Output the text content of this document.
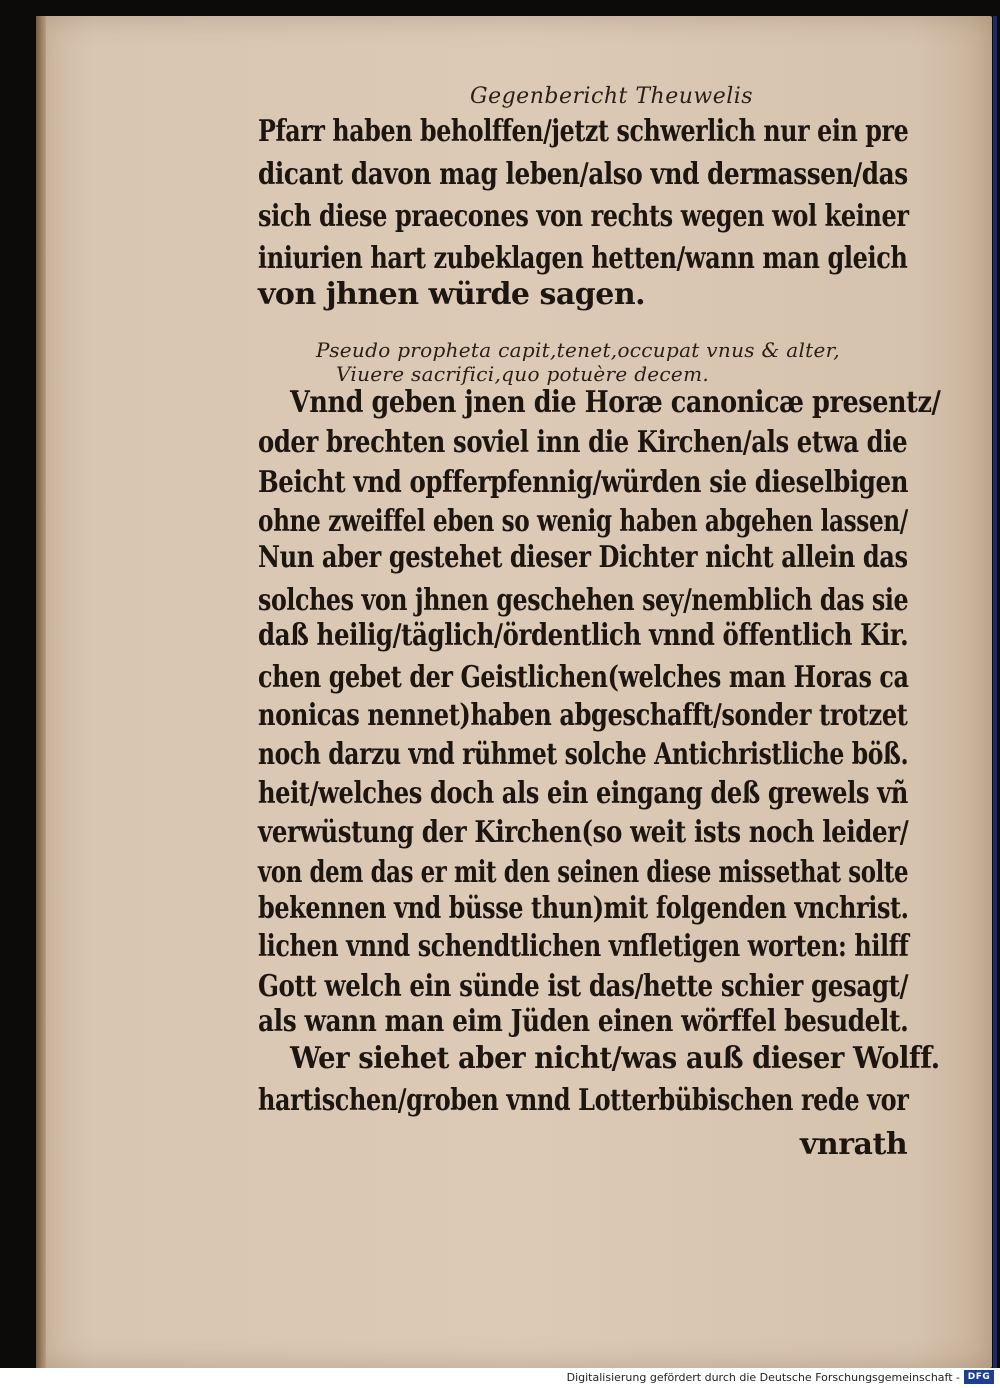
Gegenbericht Theuwelis
Pfarr haben beholffen/jetzt schwerlich nur ein pre
dicant davon mag leben/also vnd dermassen/das
sich diese praecones von rechts wegen wol keiner
iniurien hart zubeklagen hetten/wann man gleich
von jhnen würde sagen.
Pseudo propheta capit,tenet,occupat vnus & alter,
Viuere sacrifici,quo potuère decem.
Vnnd geben jnen die Horæ canonicæ presentz/
oder brechten soviel inn die Kirchen/als etwa die
Beicht vnd opfferpfennig/würden sie dieselbigen
ohne zweiffel eben so wenig haben abgehen lassen/
Nun aber gestehet dieser Dichter nicht allein das
solches von jhnen geschehen sey/nemblich das sie
daß heilig/täglich/ördentlich vnnd öffentlich Kir.
chen gebet der Geistlichen(welches man Horas ca
nonicas nennet)haben abgeschafft/sonder trotzet
noch darzu vnd rühmet solche Antichristliche böß.
heit/welches doch als ein eingang deß grewels vñ
verwüstung der Kirchen(so weit ists noch leider/
von dem das er mit den seinen diese missethat solte
bekennen vnd büsse thun)mit folgenden vnchrist.
lichen vnnd schendtlichen vnfletigen worten: hilff
Gott welch ein sünde ist das/hette schier gesagt/
als wann man eim Jüden einen wörffel besudelt.
Wer siehet aber nicht/was auß dieser Wolff.
hartischen/groben vnnd Lotterbübischen rede vor
vnrath
Digitalisierung gefördert durch die Deutsche Forschungsgemeinschaft - DFG
